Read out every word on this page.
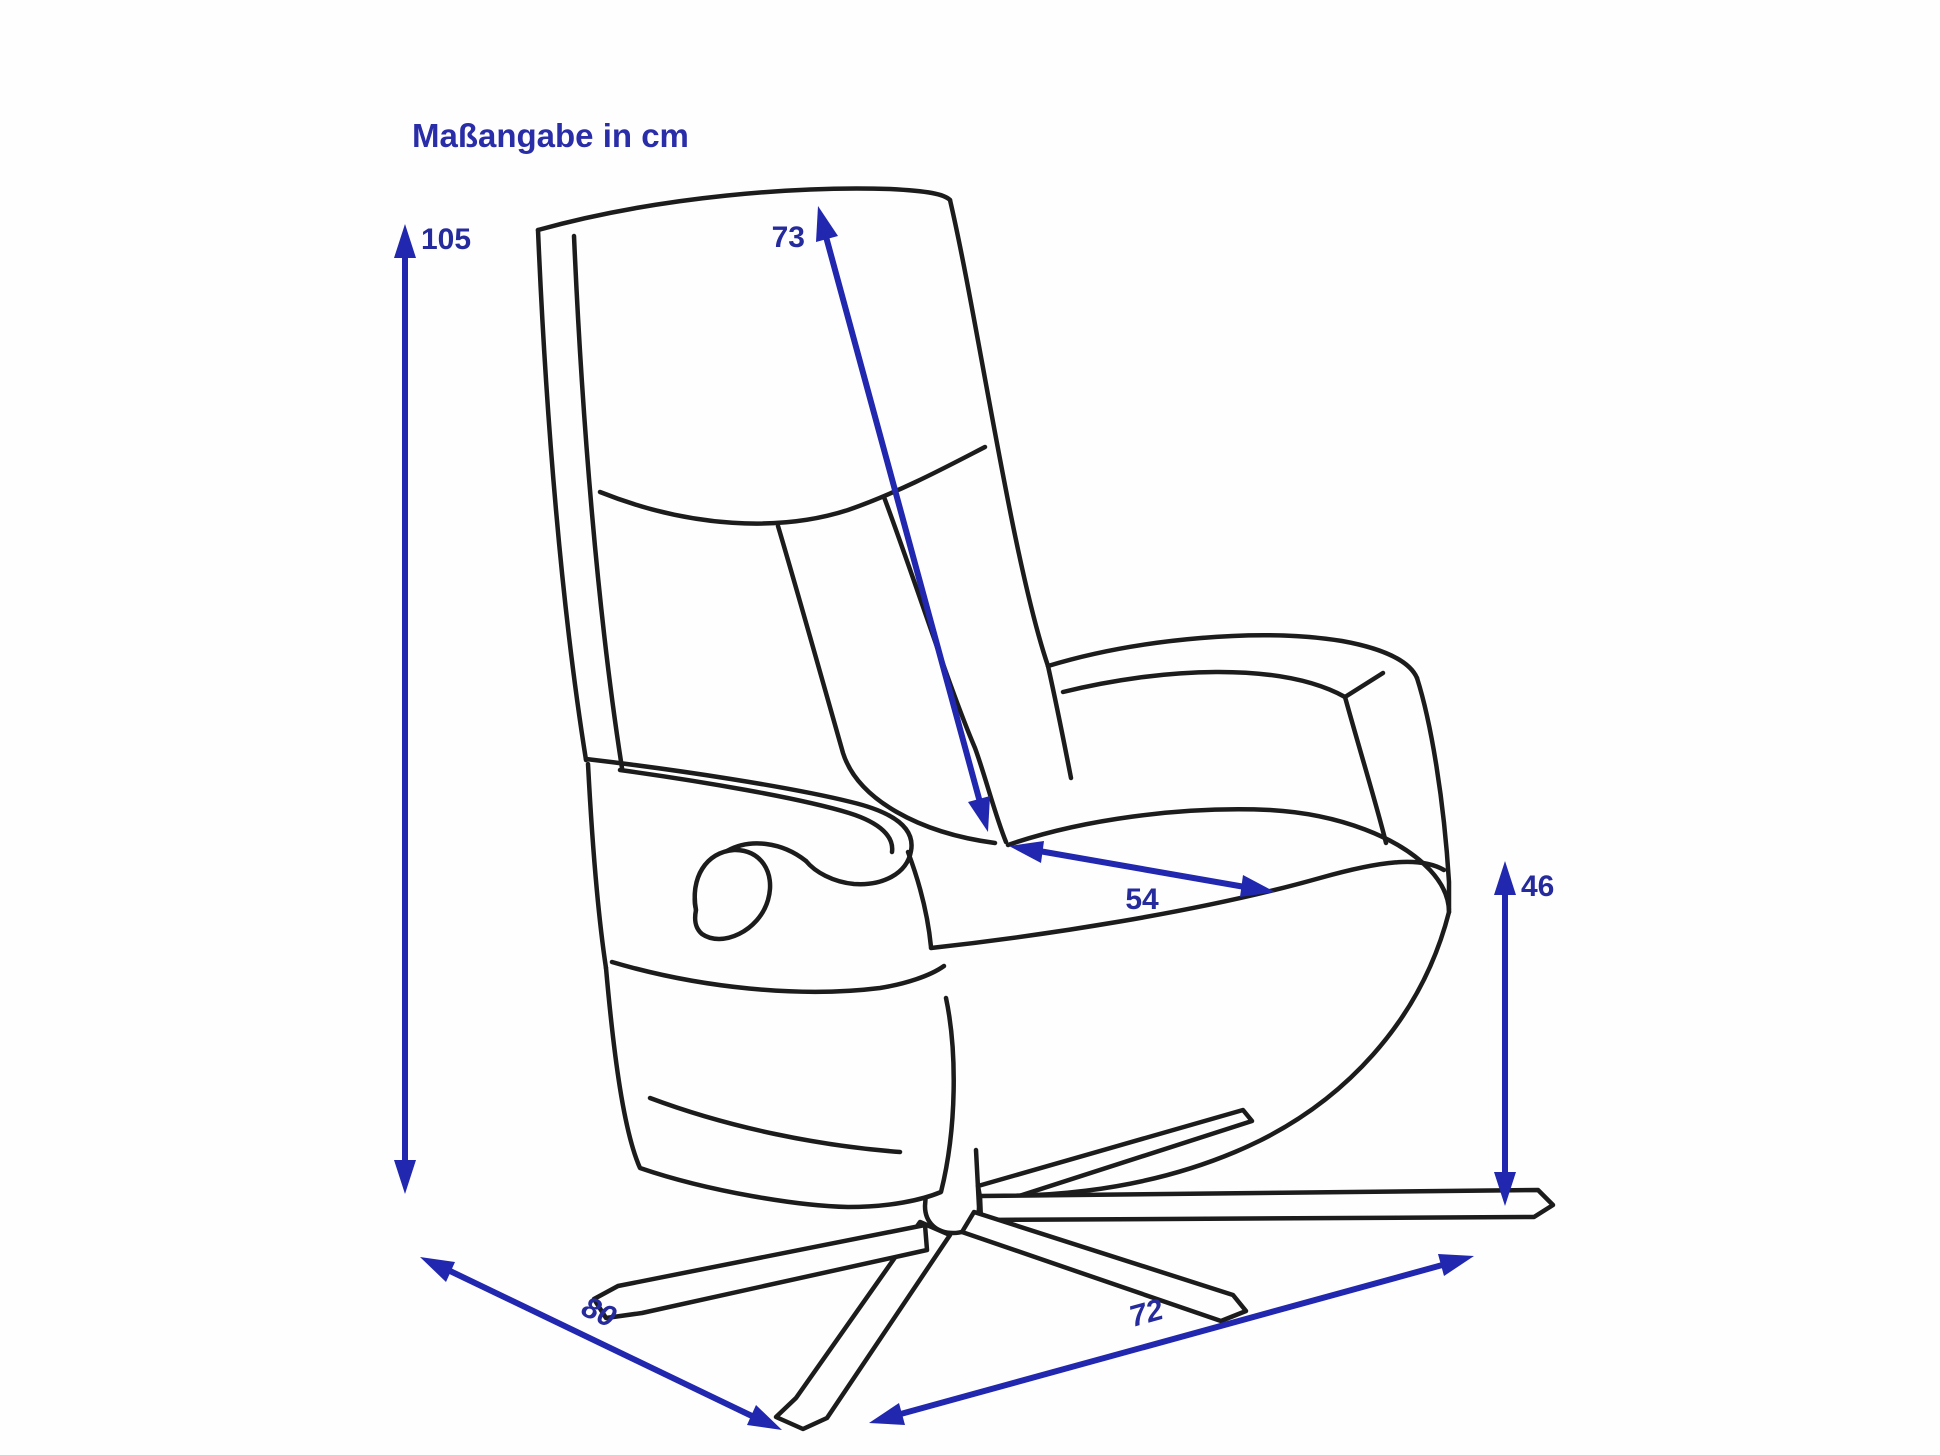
Maßangabe in cm
105	73
54	46
80	72
